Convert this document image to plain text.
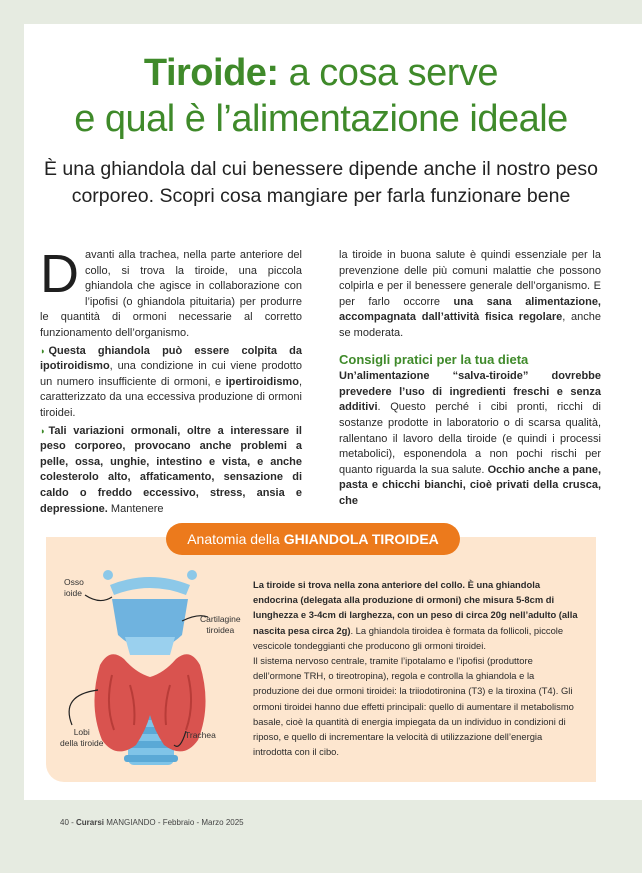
Tiroide: a cosa serve
e qual è l’alimentazione ideale

È una ghiandola dal cui benessere dipende anche il nostro peso corporeo. Scopri cosa mangiare per farla funzionare bene

Davanti alla trachea, nella parte anteriore del collo, si trova la tiroide, una piccola ghiandola che agisce in collaborazione con l’ipofisi (o ghiandola pituitaria) per produrre le quantità di ormoni necessarie al corretto funzionamento dell’organismo.

◗ Questa ghiandola può essere colpita da ipotiroidismo, una condizione in cui viene prodotto un numero insufficiente di ormoni, e ipertiroidismo, caratterizzato da una eccessiva produzione di ormoni tiroidei.

◗ Tali variazioni ormonali, oltre a interessare il peso corporeo, provocano anche problemi a pelle, ossa, unghie, intestino e vista, e anche colesterolo alto, affaticamento, sensazione di caldo o freddo eccessivo, stress, ansia e depressione. Mantenere

la tiroide in buona salute è quindi essenziale per la prevenzione delle più comuni malattie che possono colpirla e per il benessere generale dell’organismo. E per farlo occorre una sana alimentazione, accompagnata dall’attività fisica regolare, anche se moderata.

Consigli pratici per la tua dieta

Un’alimentazione “salva-tiroide” dovrebbe prevedere l’uso di ingredienti freschi e senza additivi. Questo perché i cibi pronti, ricchi di sostanze prodotte in laboratorio o di scarsa qualità, rallentano il lavoro della tiroide (e quindi i processi metabolici), esponendola a non pochi rischi per quanto riguarda la sua salute. Occhio anche a pane, pasta e chicchi bianchi, cioè privati della crusca, che

Anatomia della GHIANDOLA TIROIDEA
Osso
ioide
Cartilagine
tiroidea
Lobi
della tiroide
Trachea
La tiroide si trova nella zona anteriore del collo. È una ghiandola endocrina (delegata alla produzione di ormoni) che misura 5-8cm di lunghezza e 3-4cm di larghezza, con un peso di circa 20g nell’adulto (alla nascita pesa circa 2g). La ghiandola tiroidea è formata da follicoli, piccole vescicole tondeggianti che producono gli ormoni tiroidei.
Il sistema nervoso centrale, tramite l’ipotalamo e l’ipofisi (produttore dell’ormone TRH, o tireotropina), regola e controlla la ghiandola e la produzione dei due ormoni tiroidei: la triiodotironina (T3) e la tiroxina (T4). Gli ormoni tiroidei hanno due effetti principali: quello di aumentare il metabolismo basale, cioè la quantità di energia impiegata da un individuo in condizioni di riposo, e quello di incrementare la velocità di utilizzazione dell’energia introdotta con il cibo.
40 - Curarsi MANGIANDO - Febbraio - Marzo 2025
